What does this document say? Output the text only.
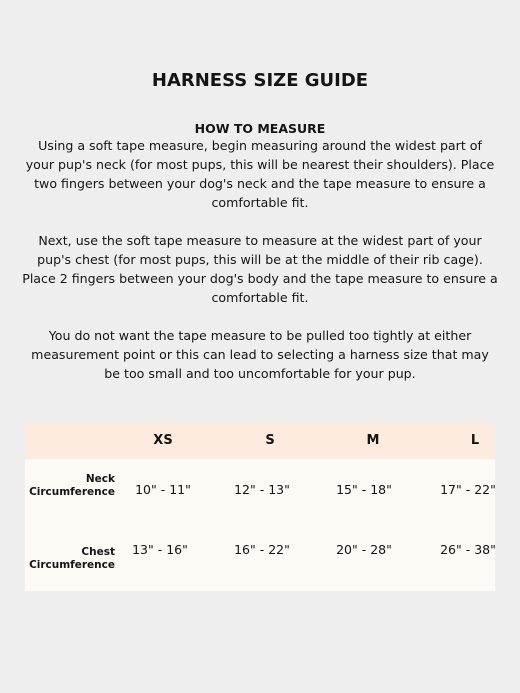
HARNESS SIZE GUIDE
HOW TO MEASURE
Using a soft tape measure, begin measuring around the widest part of your pup's neck (for most pups, this will be nearest their shoulders). Place two fingers between your dog's neck and the tape measure to ensure a comfortable fit.
Next, use the soft tape measure to measure at the widest part of your pup's chest (for most pups, this will be at the middle of their rib cage). Place 2 fingers between your dog's body and the tape measure to ensure a comfortable fit.
You do not want the tape measure to be pulled too tightly at either measurement point or this can lead to selecting a harness size that may be too small and too uncomfortable for your pup.
XS	S	M	L
Neck
Circumference	10" - 11"	12" - 13"	15" - 18"	17" - 22"
Chest
Circumference
13" - 16"	16" - 22"	20" - 28"	26" - 38"
